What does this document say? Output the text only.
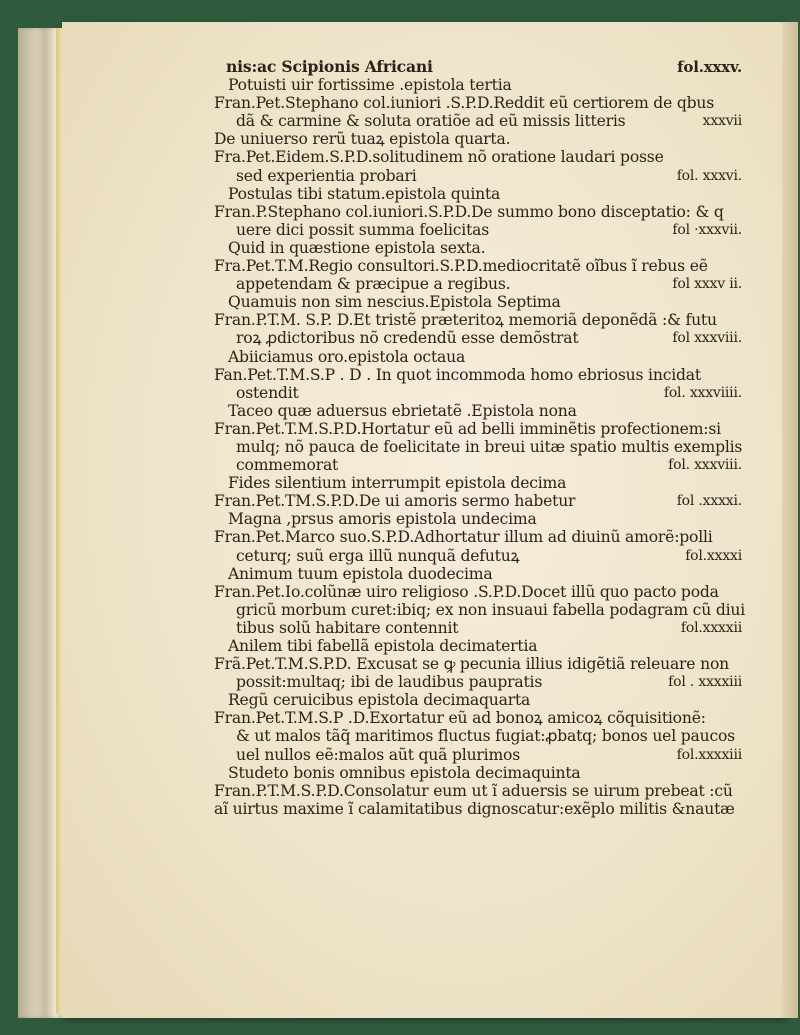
nis:ac Scipionis Africani	fol.xxxv.
Potuisti uir fortissime .epistola tertia
Fran.Pet.Stephano col.iuniori .S.P.D.Reddit eũ certiorem de qbus
dã & carmine & soluta oratiõe ad eũ missis litteris	xxxvii
De uniuerso rerũ tuaꝝ epistola quarta.
Fra.Pet.Eidem.S.P.D.solitudinem nõ oratione laudari posse
sed experientia probari	fol. xxxvi.
Postulas tibi statum.epistola quinta
Fran.P.Stephano col.iuniori.S.P.D.De summo bono disceptatio: & q
uere dici possit summa foelicitas	fol ·xxxvii.
Quid in quæstione epistola sexta.
Fra.Pet.T.M.Regio consultori.S.P.D.mediocritatẽ oĩbus ĩ rebus eẽ
appetendam & præcipue a regibus.	fol xxxv ii.
Quamuis non sim nescius.Epistola Septima
Fran.P.T.M. S.P. D.Et tristẽ præteritoꝝ memoriã deponẽdã :& futu
roꝝ ꝓdictoribus nõ credendũ esse demõstrat	fol xxxviii.
Abiiciamus oro.epistola octaua
Fan.Pet.T.M.S.P . D . In quot incommoda homo ebriosus incidat
ostendit	fol. xxxviiii.
Taceo quæ aduersus ebrietatẽ .Epistola nona
Fran.Pet.T.M.S.P.D.Hortatur eũ ad belli imminẽtis profectionem:si
mulq; nõ pauca de foelicitate in breui uitæ spatio multis exemplis
commemorat	fol. xxxviii.
Fides silentium interrumpit epistola decima
Fran.Pet.TM.S.P.D.De ui amoris sermo habetur	fol .xxxxi.
Magna ,prsus amoris epistola undecima
Fran.Pet.Marco suo.S.P.D.Adhortatur illum ad diuinũ amorẽ:polli
ceturq; suũ erga illũ nunquã defutuꝝ	fol.xxxxi
Animum tuum epistola duodecima
Fran.Pet.Io.colũnæ uiro religioso .S.P.D.Docet illũ quo pacto poda
gricũ morbum curet:ibiq; ex non insuaui fabella podagram cũ diui
tibus solũ habitare contennit	fol.xxxxii
Anilem tibi fabellã epistola decimatertia
Frã.Pet.T.M.S.P.D. Excusat se ꝙ pecunia illius idigẽtiã releuare non
possit:multaq; ibi de laudibus paupratis	fol . xxxxiii
Regũ ceruicibus epistola decimaquarta
Fran.Pet.T.M.S.P .D.Exortatur eũ ad bonoꝝ amicoꝝ cõquisitionẽ:
& ut malos tãq̃ maritimos fluctus fugiat:ꝓbatq; bonos uel paucos
uel nullos eẽ:malos aũt quã plurimos	fol.xxxxiii
Studeto bonis omnibus epistola decimaquinta
Fran.P.T.M.S.P.D.Consolatur eum ut ĩ aduersis se uirum prebeat :cũ
aĩ uirtus maxime ĩ calamitatibus dignoscatur:exẽplo militis &nautæ
